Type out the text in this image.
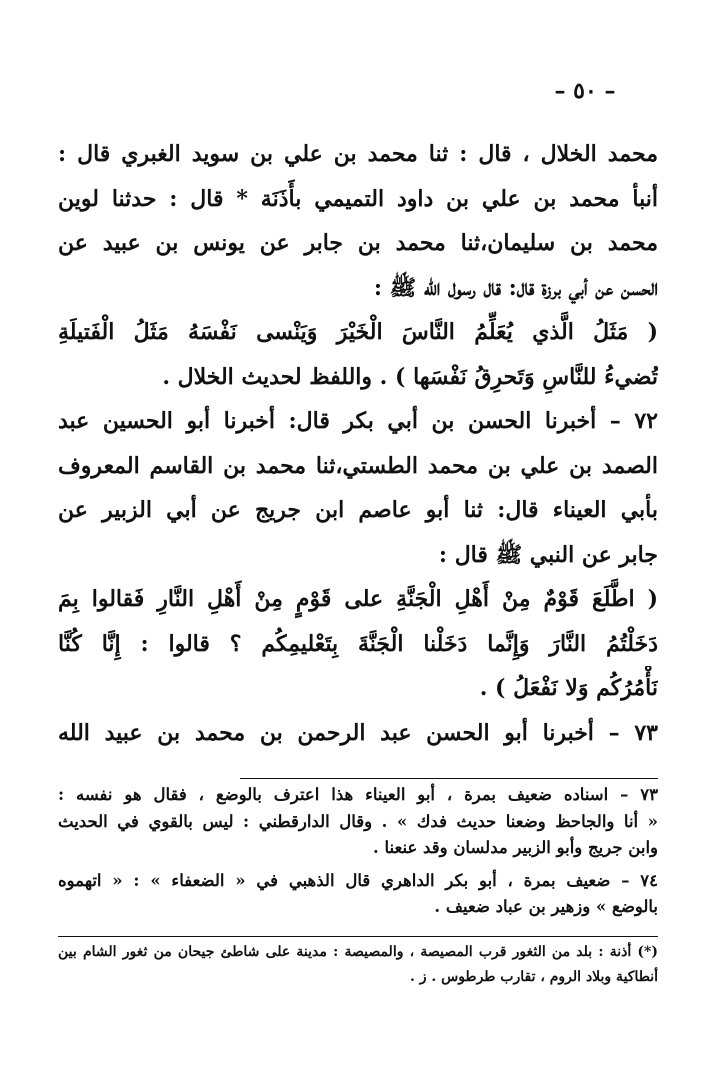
– ٥٠ –
محمد الخلال ، قال : ثنا محمد بن علي بن سويد الغبري قال :
أنبأ محمد بن علي بن داود التميمي بأَذَنَة * قال : حدثنا لوين
محمد بن سليمان،ثنا محمد بن جابر عن يونس بن عبيد عن
الحسن عن أبي برزة قال: قال رسول الله ﷺ :
( مَثَلُ الَّذي يُعَلِّمُ النَّاسَ الْخَيْرَ وَيَنْسى نَفْسَهُ مَثَلُ الْفَتيلَةِ
تُضيءُ للنَّاسِ وَتَحرِقُ نَفْسَها ) . واللفظ لحديث الخلال .
٧٢ – أخبرنا الحسن بن أبي بكر قال: أخبرنا أبو الحسين عبد
الصمد بن علي بن محمد الطستي،ثنا محمد بن القاسم المعروف
بأبي العيناء قال: ثنا أبو عاصم ابن جريج عن أبي الزبير عن
جابر عن النبي ﷺ قال :
( اطَّلَعَ قَوْمٌ مِنْ أَهْلِ الْجَنَّةِ على قَوْمٍ مِنْ أَهْلِ النَّارِ فَقالوا بِمَ
دَخَلْتُمُ النَّارَ وَإِنَّما دَخَلْنا الْجَنَّةَ بِتَعْليمِكُم ؟ قالوا : إِنَّا كُنَّا
نَأْمُرُكُم وَلا نَفْعَلُ ) .
٧٣ – أخبرنا أبو الحسن عبد الرحمن بن محمد بن عبيد الله
٧٣ – اسناده ضعيف بمرة ، أبو العيناء هذا اعترف بالوضع ، فقال هو نفسه :
« أنا والجاحظ وضعنا حديث فدك » . وقال الدارقطني : ليس بالقوي في الحديث
وابن جريج وأبو الزبير مدلسان وقد عنعنا .
٧٤ – ضعيف بمرة ، أبو بكر الداهري قال الذهبي في « الضعفاء » : « اتهموه
بالوضع » وزهير بن عباد ضعيف .
(*) أذنة : بلد من الثغور قرب المصيصة ، والمصيصة : مدينة على شاطئ جيحان من ثغور الشام بين
أنطاكية وبلاد الروم ، تقارب طرطوس . ز .
